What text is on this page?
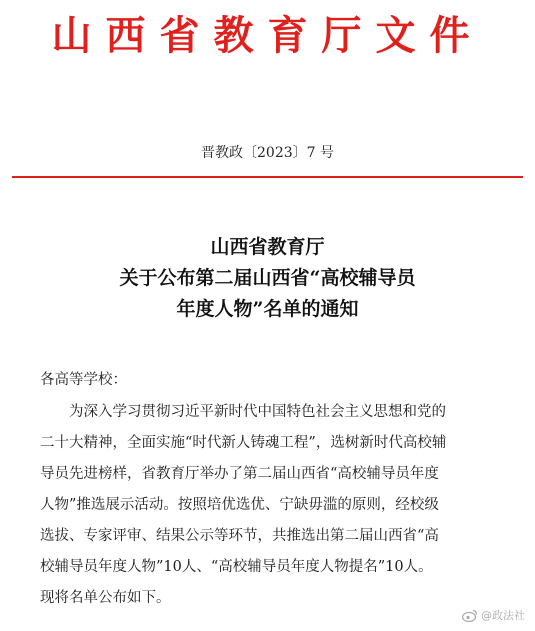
山西省教育厅文件
晋教政〔2023〕7 号
山西省教育厅
关于公布第二届山西省“高校辅导员
年度人物”名单的通知
各高等学校：
为深入学习贯彻习近平新时代中国特色社会主义思想和党的
二十大精神，全面实施“时代新人铸魂工程”，选树新时代高校辅
导员先进榜样，省教育厅举办了第二届山西省“高校辅导员年度
人物”推选展示活动。按照培优选优、宁缺毋滥的原则，经校级
选拔、专家评审、结果公示等环节，共推选出第二届山西省“高
校辅导员年度人物”10人、“高校辅导员年度人物提名”10人。
现将名单公布如下。
@政法社
